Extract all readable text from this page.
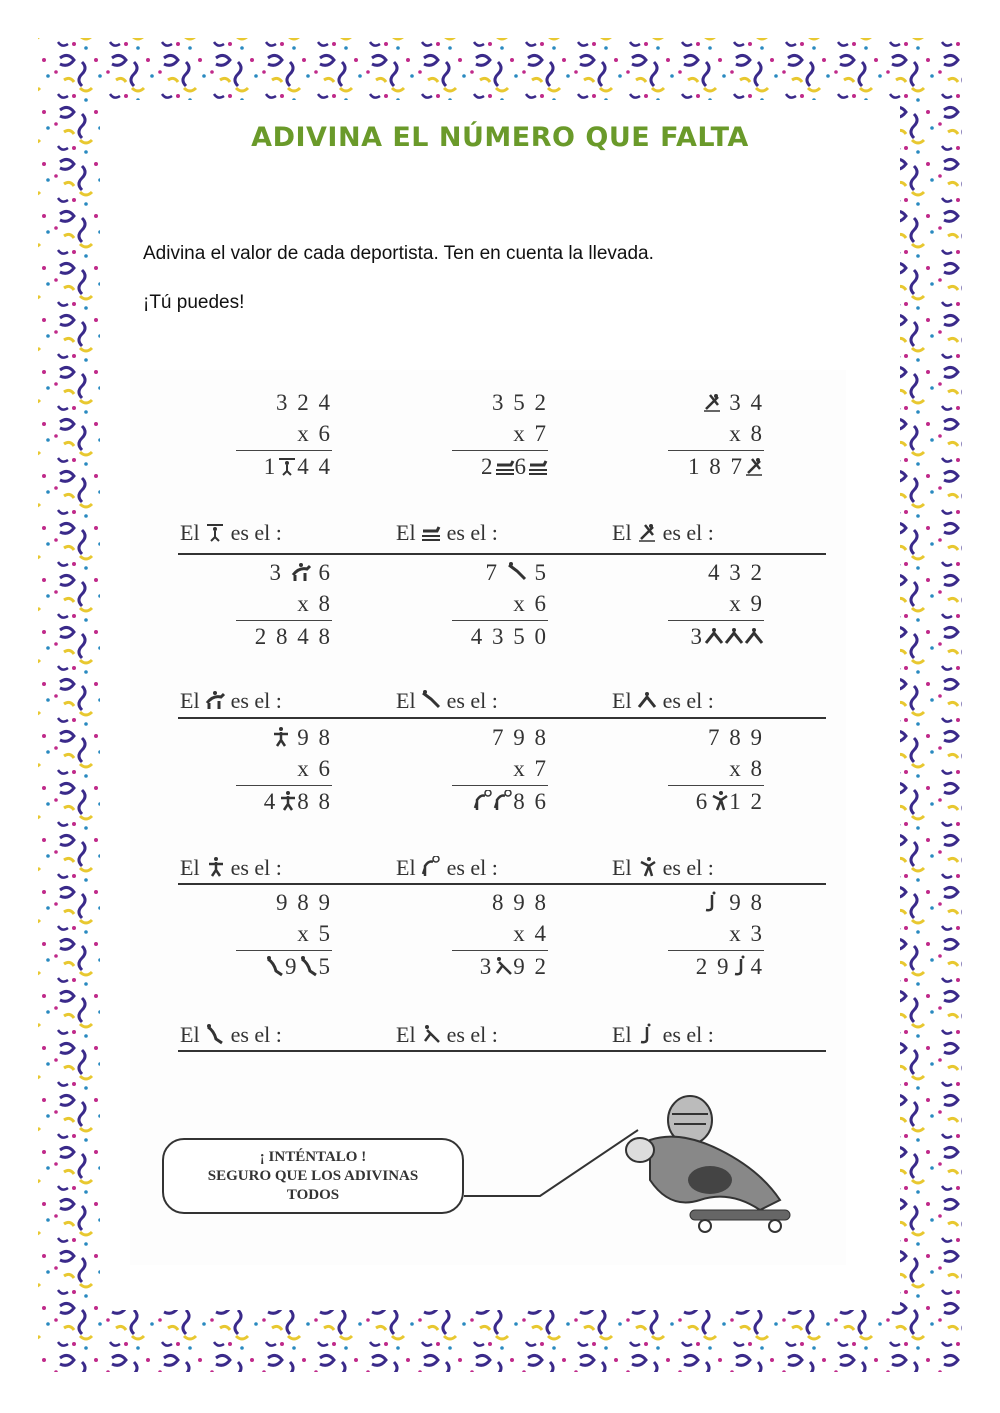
ADIVINA EL NÚMERO QUE FALTA
Adivina el valor de cada deportista. Ten en cuenta la llevada.
¡Tú puedes!
¡ INTÉNTALO !
SEGURO QUE LOS ADIVINAS
TODOS
3 2 4
x 6
1 4 4
El es el :
3 5 2
x 7
2 6
El es el :
3 4
x 8
1 8 7
El es el :
3 6
x 8
2 8 4 8
El es el :
7 5
x 6
4 3 5 0
El es el :
4 3 2
x 9
3
El es el :
9 8
x 6
4 8 8
El es el :
7 9 8
x 7
8 6
El es el :
7 8 9
x 8
6 1 2
El es el :
9 8 9
x 5
9 5
El es el :
8 9 8
x 4
3 9 2
El es el :
9 8
x 3
2 9 4
El es el :
